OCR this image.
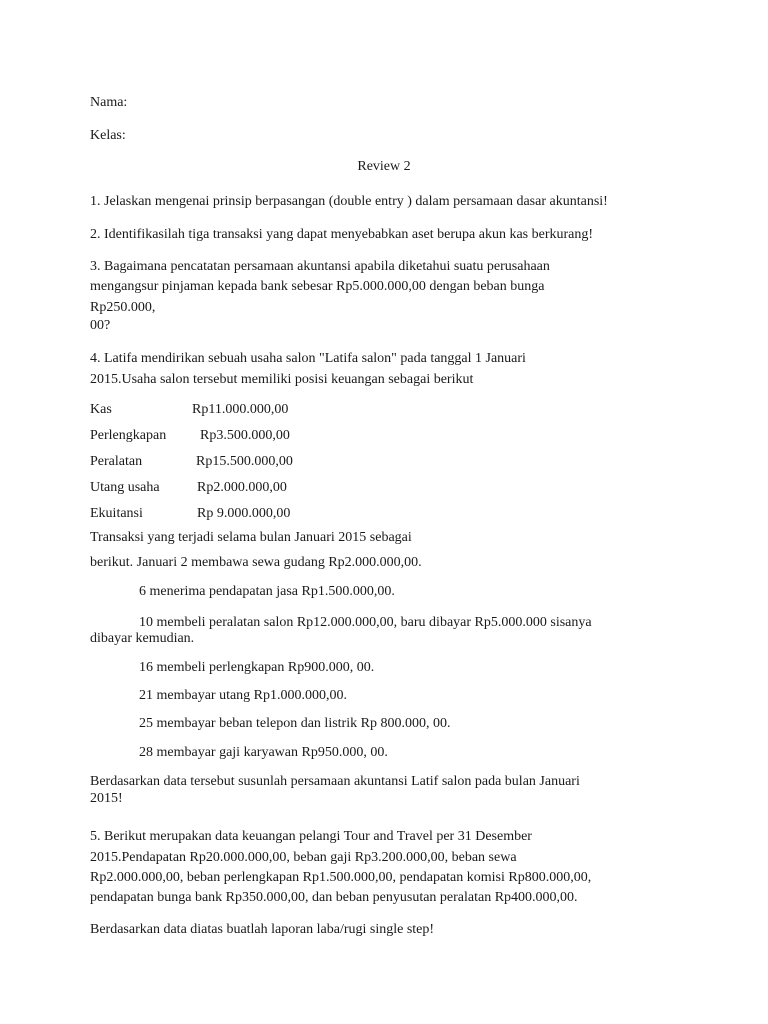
Nama:
Kelas:
Review 2
1. Jelaskan mengenai prinsip berpasangan (double entry ) dalam persamaan dasar akuntansi!
2. Identifikasilah tiga transaksi yang dapat menyebabkan aset berupa akun kas berkurang!
3. Bagaimana pencatatan persamaan akuntansi apabila diketahui suatu perusahaan
mengangsur pinjaman kepada bank sebesar Rp5.000.000,00 dengan beban bunga
Rp250.000,
00?
4. Latifa mendirikan sebuah usaha salon "Latifa salon" pada tanggal 1 Januari
2015.Usaha salon tersebut memiliki posisi keuangan sebagai berikut
Kas	Rp11.000.000,00
Perlengkapan Rp3.500.000,00
Peralatan	Rp15.500.000,00
Utang usaha	Rp2.000.000,00
Ekuitansi	Rp 9.000.000,00
Transaksi yang terjadi selama bulan Januari 2015 sebagai
berikut. Januari 2 membawa sewa gudang Rp2.000.000,00.
6 menerima pendapatan jasa Rp1.500.000,00.
10 membeli peralatan salon Rp12.000.000,00, baru dibayar Rp5.000.000 sisanya
dibayar kemudian.
16 membeli perlengkapan Rp900.000, 00.
21 membayar utang Rp1.000.000,00.
25 membayar beban telepon dan listrik Rp 800.000, 00.
28 membayar gaji karyawan Rp950.000, 00.
Berdasarkan data tersebut susunlah persamaan akuntansi Latif salon pada bulan Januari
2015!
5. Berikut merupakan data keuangan pelangi Tour and Travel per 31 Desember
2015.Pendapatan Rp20.000.000,00, beban gaji Rp3.200.000,00, beban sewa
Rp2.000.000,00, beban perlengkapan Rp1.500.000,00, pendapatan komisi Rp800.000,00,
pendapatan bunga bank Rp350.000,00, dan beban penyusutan peralatan Rp400.000,00.
Berdasarkan data diatas buatlah laporan laba/rugi single step!
